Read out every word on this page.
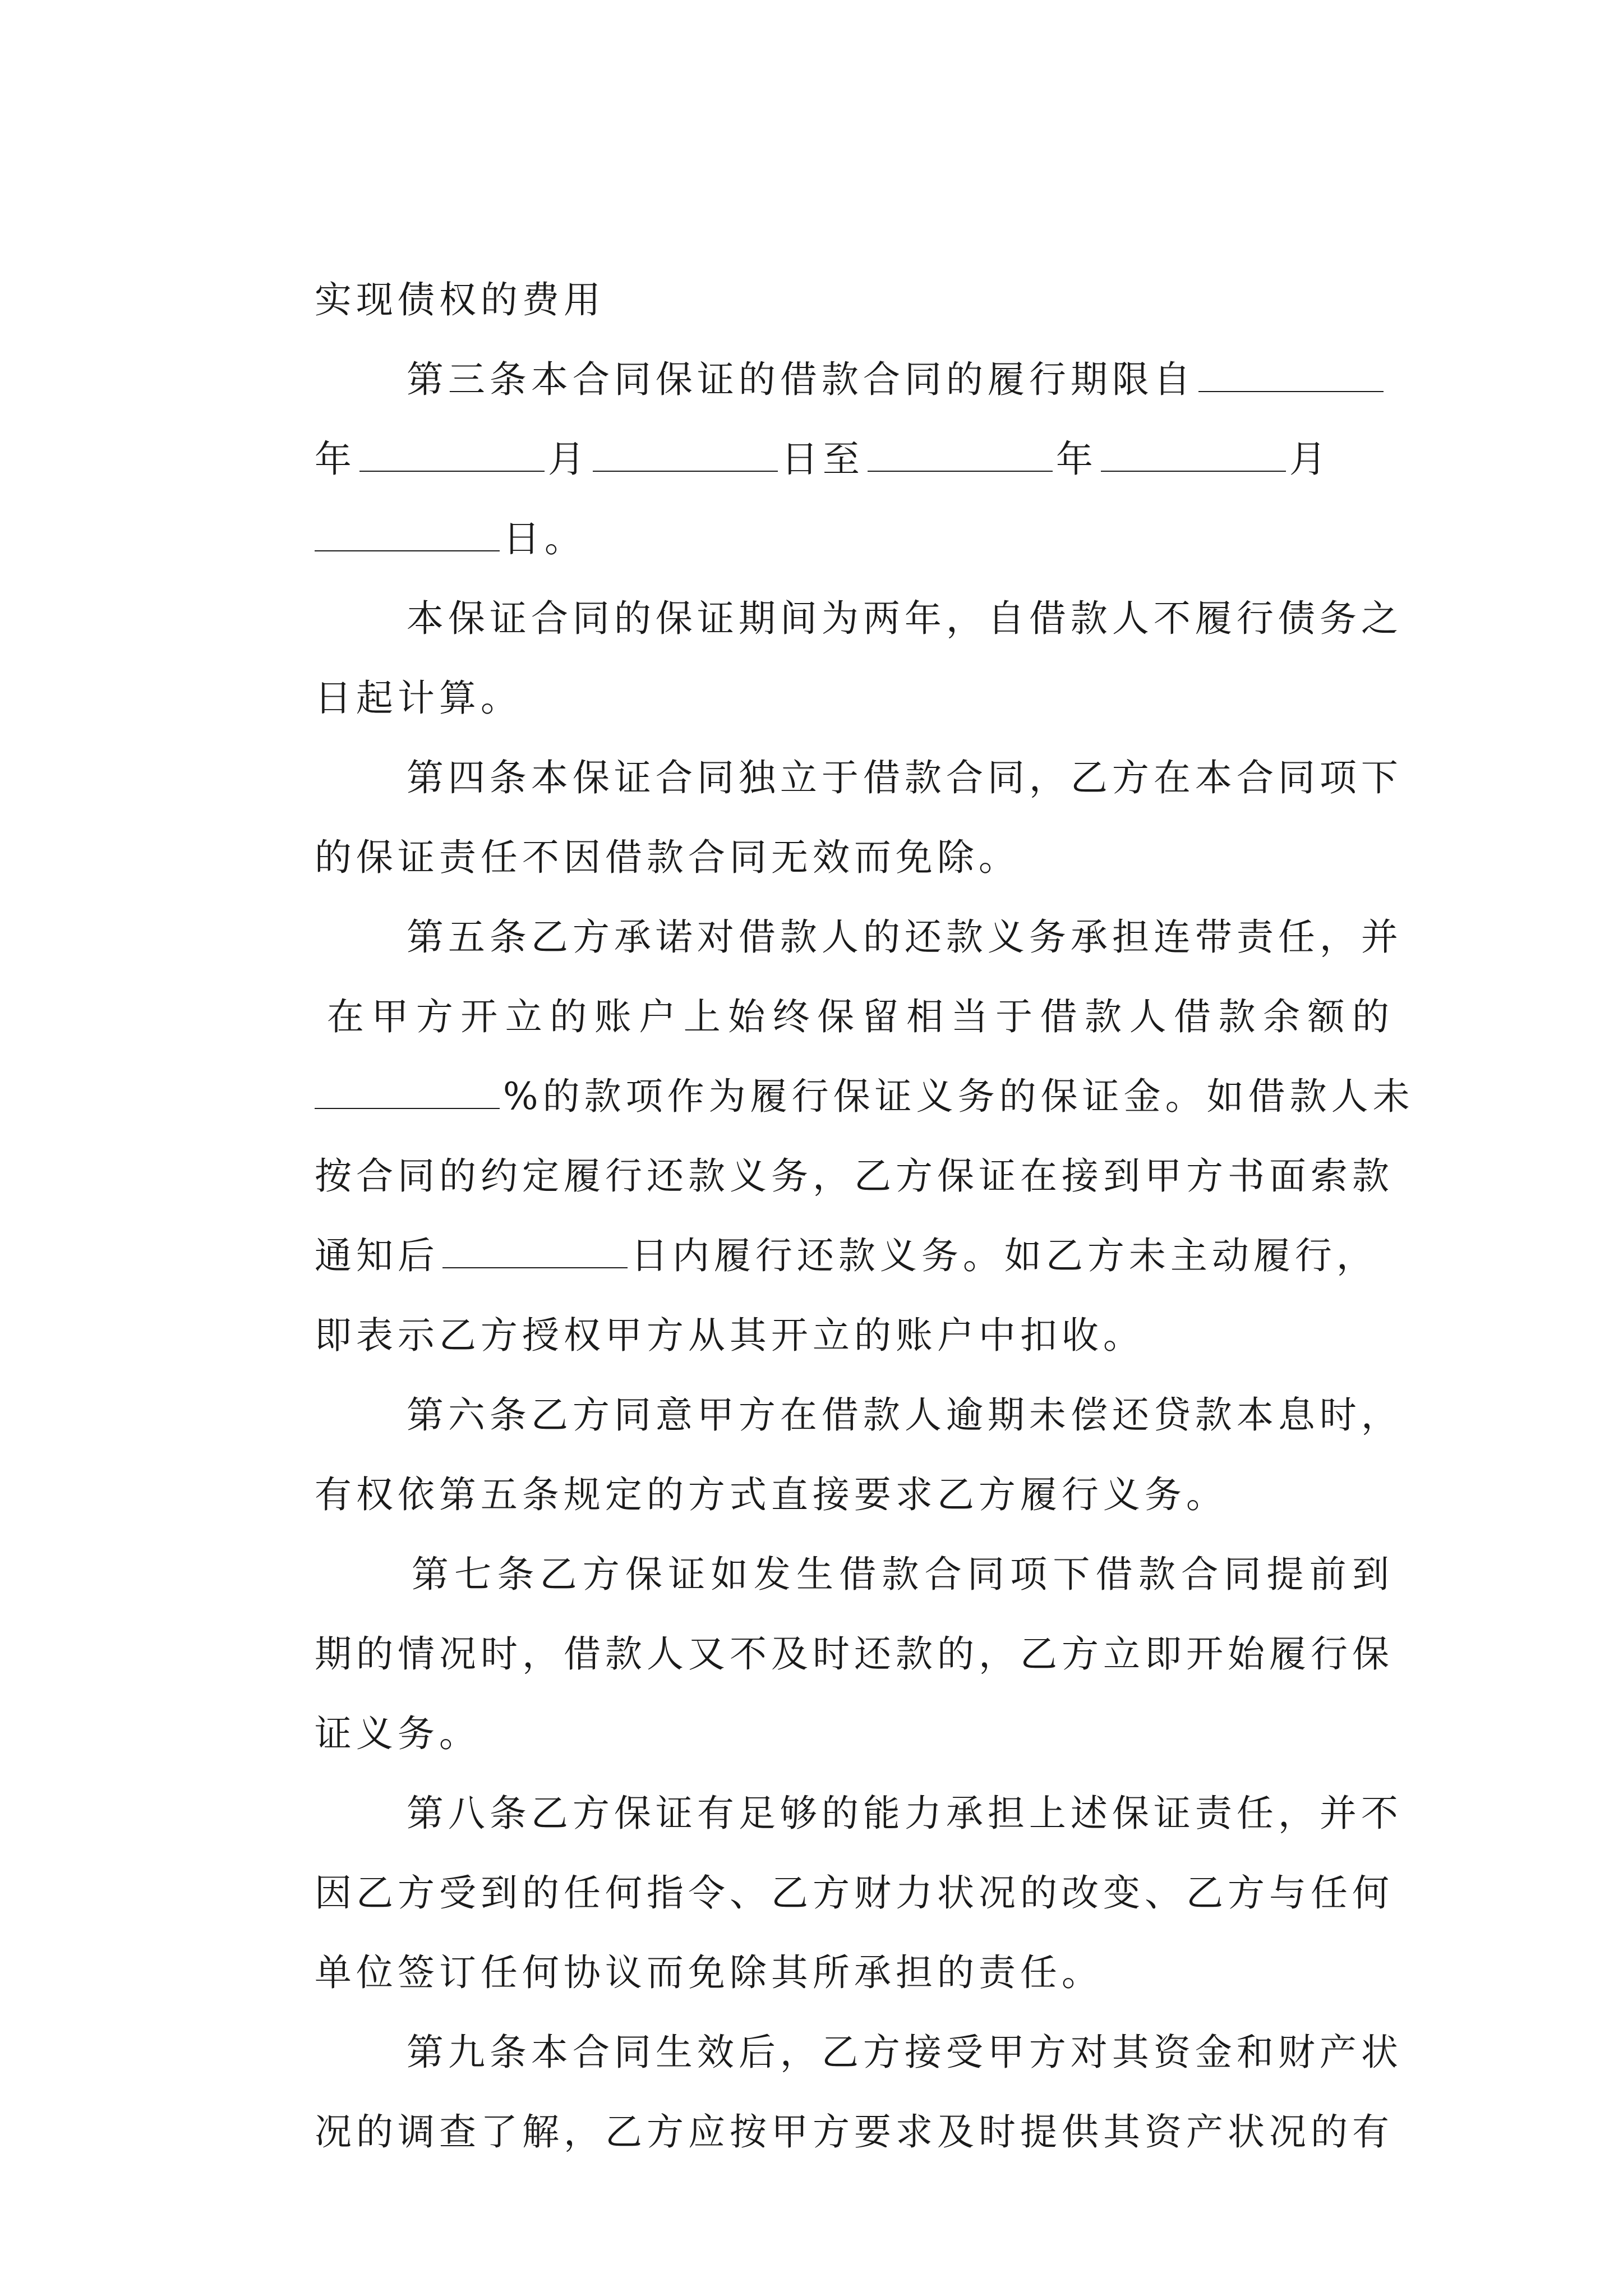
实现债权的费用

第三条本合同保证的借款合同的履行期限自

年	月	日至	年	月

日。

本保证合同的保证期间为两年，自借款人不履行债务之

日起计算。

第四条本保证合同独立于借款合同，乙方在本合同项下

的保证责任不因借款合同无效而免除。

第五条乙方承诺对借款人的还款义务承担连带责任，并

在甲方开立的账户上始终保留相当于借款人借款余额的

%的款项作为履行保证义务的保证金。如借款人未

按合同的约定履行还款义务，乙方保证在接到甲方书面索款

通知后	日内履行还款义务。如乙方未主动履行，

即表示乙方授权甲方从其开立的账户中扣收。

第六条乙方同意甲方在借款人逾期未偿还贷款本息时，

有权依第五条规定的方式直接要求乙方履行义务。

第七条乙方保证如发生借款合同项下借款合同提前到

期的情况时，借款人又不及时还款的，乙方立即开始履行保

证义务。

第八条乙方保证有足够的能力承担上述保证责任，并不

因乙方受到的任何指令、乙方财力状况的改变、乙方与任何

单位签订任何协议而免除其所承担的责任。

第九条本合同生效后，乙方接受甲方对其资金和财产状

况的调查了解，乙方应按甲方要求及时提供其资产状况的有
